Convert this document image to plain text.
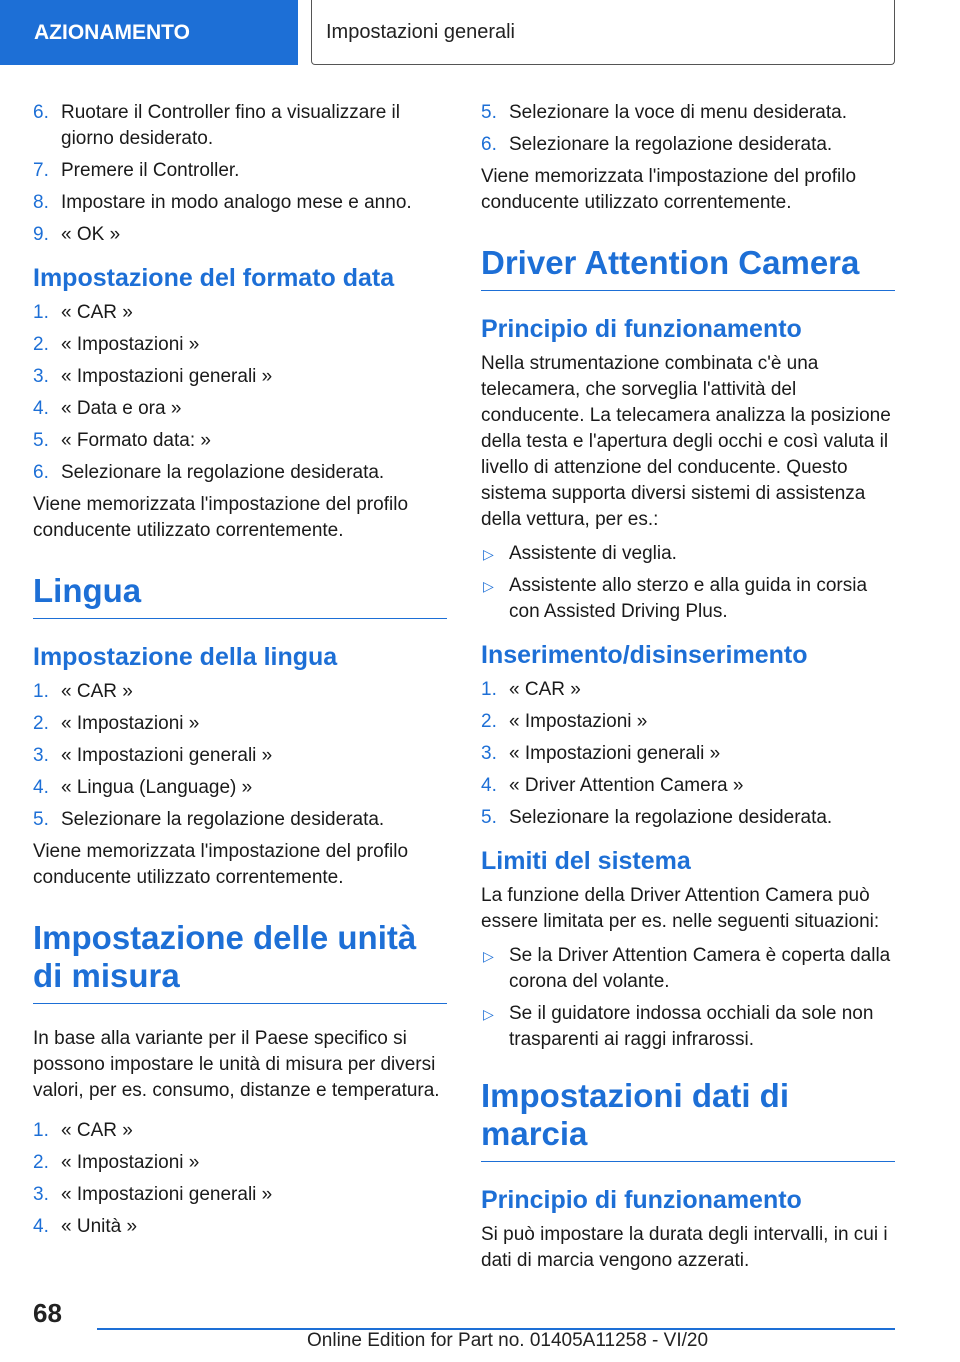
AZIONAMENTO	Impostazioni generali
6. Ruotare il Controller fino a visualizzare il giorno desiderato.
7. Premere il Controller.
8. Impostare in modo analogo mese e anno.
9. « OK »
Impostazione del formato data
1. « CAR »
2. « Impostazioni »
3. « Impostazioni generali »
4. « Data e ora »
5. « Formato data: »
6. Selezionare la regolazione desiderata.

Viene memorizzata l'impostazione del profilo conducente utilizzato correntemente.

Lingua
Impostazione della lingua
1. « CAR »
2. « Impostazioni »
3. « Impostazioni generali »
4. « Lingua (Language) »
5. Selezionare la regolazione desiderata.

Viene memorizzata l'impostazione del profilo conducente utilizzato correntemente.

Impostazione delle unità di misura

In base alla variante per il Paese specifico si possono impostare le unità di misura per diversi valori, per es. consumo, distanze e temperatura.

1. « CAR »
2. « Impostazioni »
3. « Impostazioni generali »
4. « Unità »
5. Selezionare la voce di menu desiderata.
6. Selezionare la regolazione desiderata.

Viene memorizzata l'impostazione del profilo conducente utilizzato correntemente.

Driver Attention Camera
Principio di funzionamento

Nella strumentazione combinata c'è una telecamera, che sorveglia l'attività del conducente. La telecamera analizza la posizione della testa e l'apertura degli occhi e così valuta il livello di attenzione del conducente. Questo sistema supporta diversi sistemi di assistenza della vettura, per es.:

▷ Assistente di veglia.
▷ Assistente allo sterzo e alla guida in corsia con Assisted Driving Plus.
Inserimento/disinserimento
1. « CAR »
2. « Impostazioni »
3. « Impostazioni generali »
4. « Driver Attention Camera »
5. Selezionare la regolazione desiderata.
Limiti del sistema

La funzione della Driver Attention Camera può essere limitata per es. nelle seguenti situazioni:

▷ Se la Driver Attention Camera è coperta dalla corona del volante.
▷ Se il guidatore indossa occhiali da sole non trasparenti ai raggi infrarossi.
Impostazioni dati di marcia
Principio di funzionamento

Si può impostare la durata degli intervalli, in cui i dati di marcia vengono azzerati.

68
Online Edition for Part no. 01405A11258 - VI/20
